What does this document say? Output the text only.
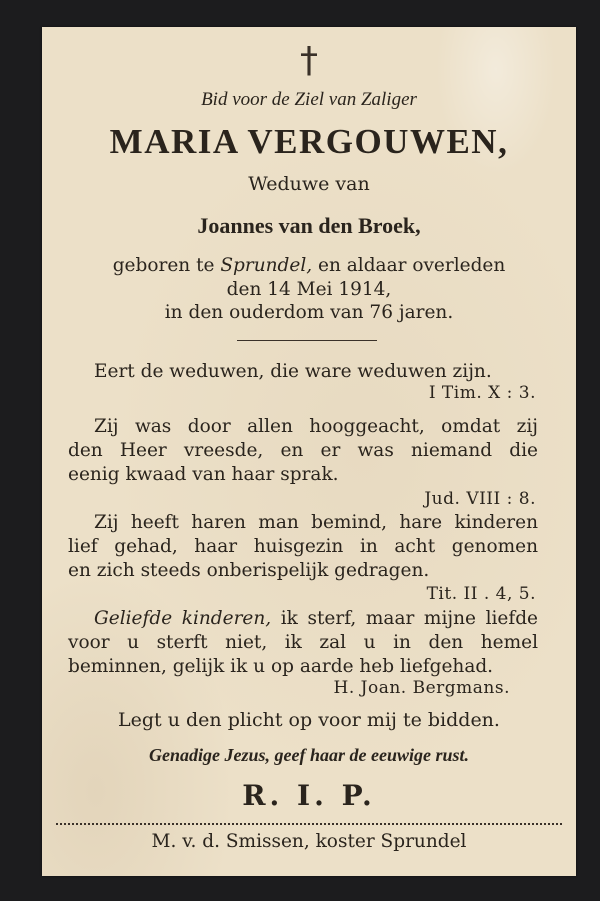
†
Bid voor de Ziel van Zaliger
MARIA VERGOUWEN,
Weduwe van
Joannes van den Broek,
geboren te Sprundel, en aldaar overleden
den 14 Mei 1914,
in den ouderdom van 76 jaren.
Eert de weduwen, die ware weduwen zijn.
I Tim. X : 3.
Zij was door allen hooggeacht, omdat zij
den Heer vreesde, en er was niemand die
eenig kwaad van haar sprak.
Jud. VIII : 8.
Zij heeft haren man bemind, hare kinderen
lief gehad, haar huisgezin in acht genomen
en zich steeds onberispelijk gedragen.
Tit. II . 4, 5.
Geliefde kinderen, ik sterf, maar mijne liefde
voor u sterft niet, ik zal u in den hemel
beminnen, gelijk ik u op aarde heb liefgehad.
H. Joan. Bergmans.
Legt u den plicht op voor mij te bidden.
Genadige Jezus, geef haar de eeuwige rust.
R. I. P.
M. v. d. Smissen, koster Sprundel
